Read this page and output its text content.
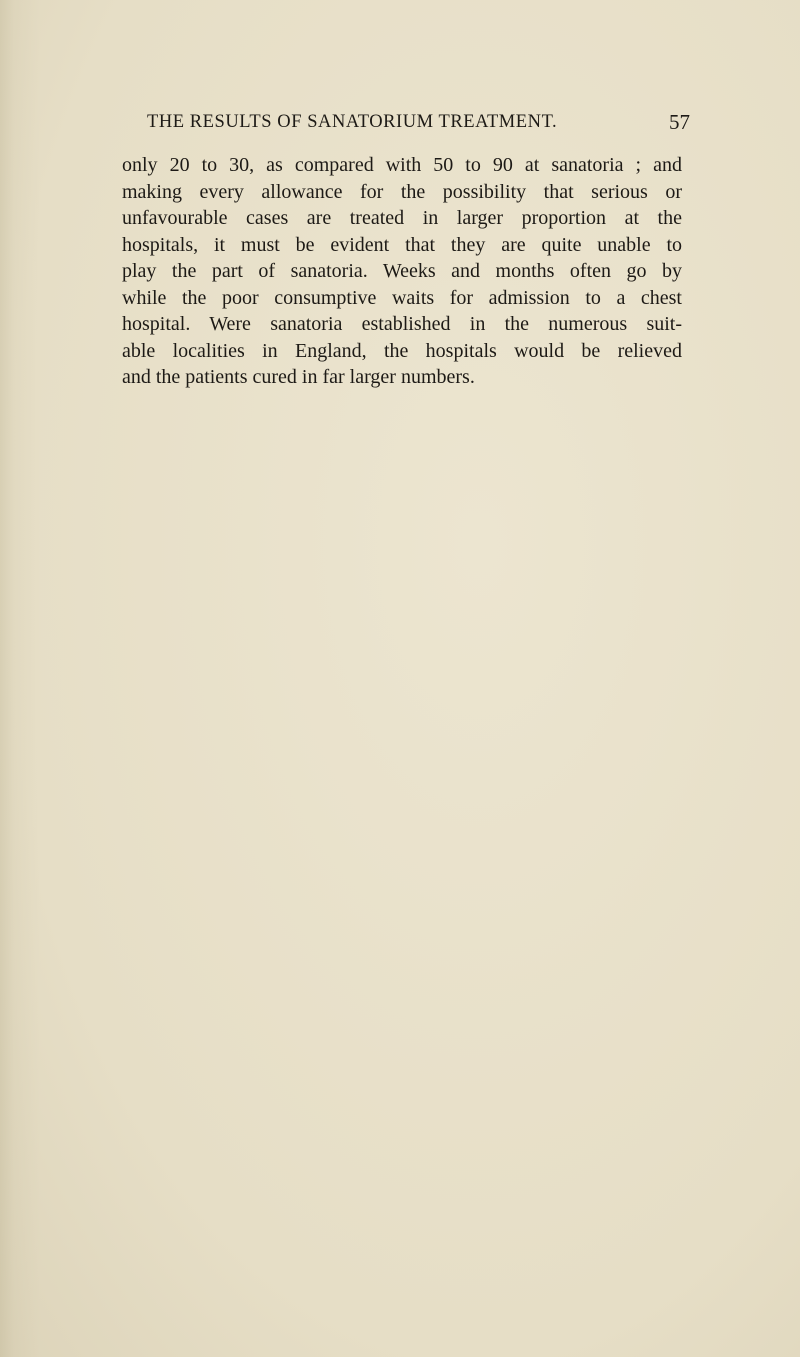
THE RESULTS OF SANATORIUM TREATMENT.	57
only 20 to 30, as compared with 50 to 90 at sanatoria ; and
making every allowance for the possibility that serious or
unfavourable cases are treated in larger proportion at the
hospitals, it must be evident that they are quite unable to
play the part of sanatoria. Weeks and months often go by
while the poor consumptive waits for admission to a chest
hospital. Were sanatoria established in the numerous suit-
able localities in England, the hospitals would be relieved
and the patients cured in far larger numbers.
